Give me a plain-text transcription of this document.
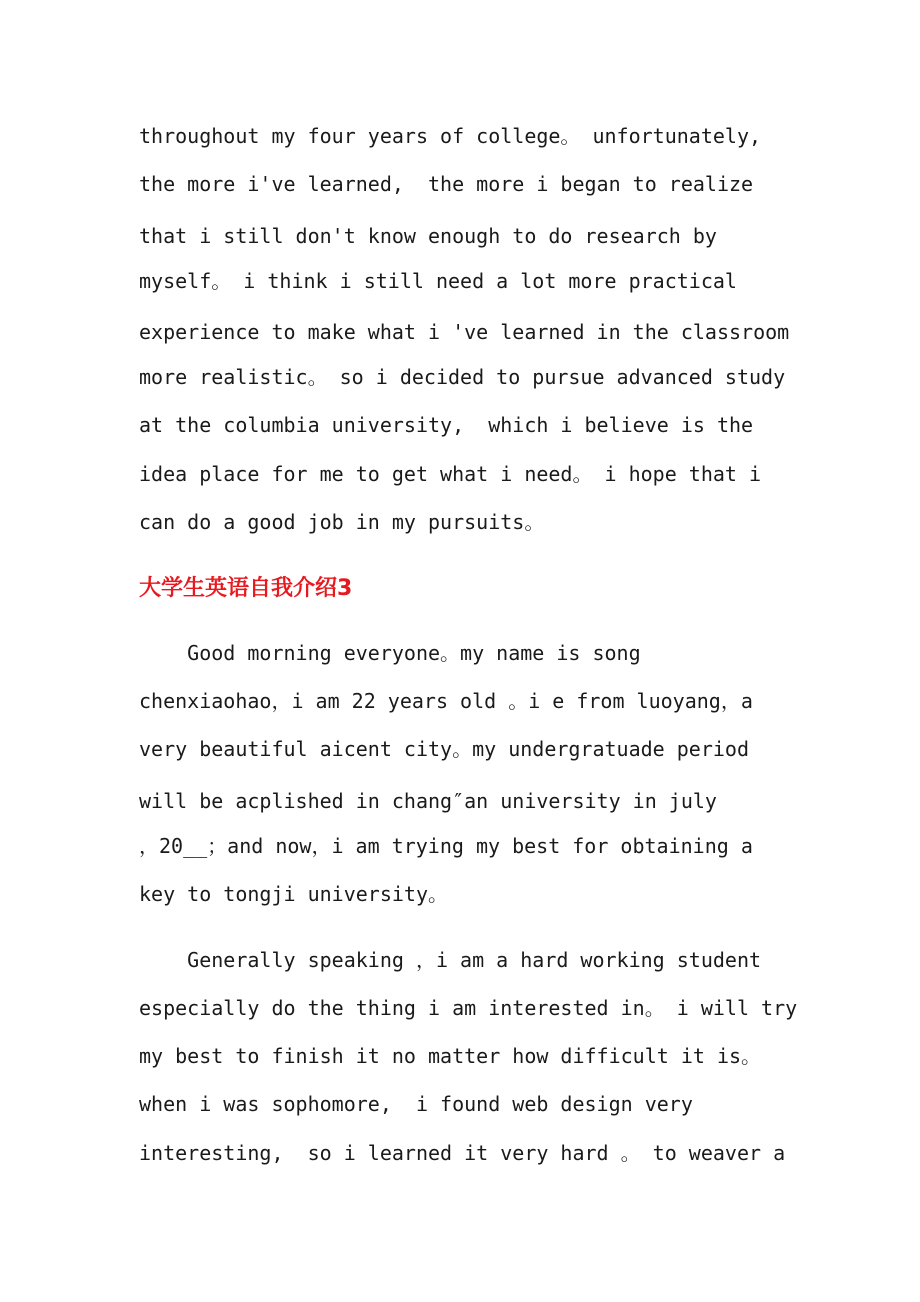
throughout my four years of college。 unfortunately,
the more i've learned,  the more i began to realize
that i still don't know enough to do research by
myself。 i think i still need a lot more practical
experience to make what i 've learned in the classroom
more realistic。 so i decided to pursue advanced study
at the columbia university,  which i believe is the
idea place for me to get what i need。 i hope that i
can do a good job in my pursuits。
大学生英语自我介绍3
Good morning everyone。my name is song
chenxiaohao，i am 22 years old 。i e from luoyang，a
very beautiful aicent city。my undergratuade period
will be acplished in chang″an university in july
，20__；and now，i am trying my best for obtaining a
key to tongji university。
Generally speaking ，i am a hard working student
especially do the thing i am interested in。 i will try
my best to finish it no matter how difficult it is。
when i was sophomore,  i found web design very
interesting,  so i learned it very hard 。 to weaver a
